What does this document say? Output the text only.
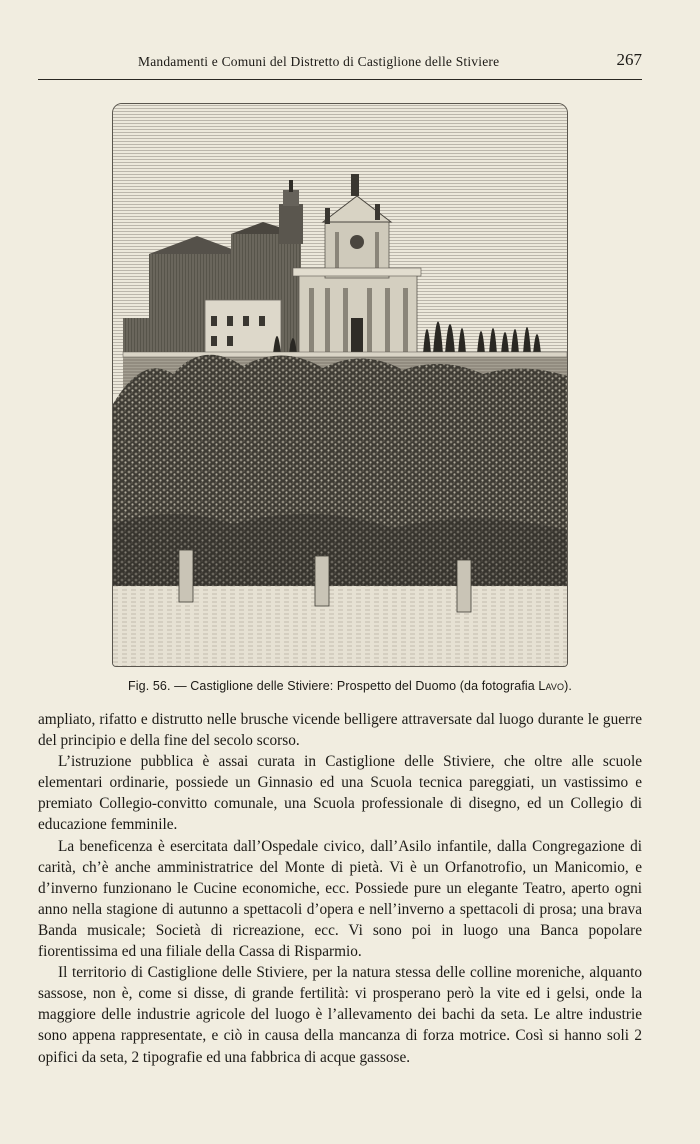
Mandamenti e Comuni del Distretto di Castiglione delle Stiviere	267
Fig. 56. — Castiglione delle Stiviere: Prospetto del Duomo (da fotografia Lavo).

ampliato, rifatto e distrutto nelle brusche vicende belligere attraversate dal luogo durante le guerre del principio e della fine del secolo scorso.

L’istruzione pubblica è assai curata in Castiglione delle Stiviere, che oltre alle scuole elementari ordinarie, possiede un Ginnasio ed una Scuola tecnica pareggiati, un vastissimo e premiato Collegio-convitto comunale, una Scuola professionale di disegno, ed un Collegio di educazione femminile.

La beneficenza è esercitata dall’Ospedale civico, dall’Asilo infantile, dalla Congregazione di carità, ch’è anche amministratrice del Monte di pietà. Vi è un Orfanotrofio, un Manicomio, e d’inverno funzionano le Cucine economiche, ecc. Possiede pure un elegante Teatro, aperto ogni anno nella stagione di autunno a spettacoli d’opera e nell’inverno a spettacoli di prosa; una brava Banda musicale; Società di ricreazione, ecc. Vi sono poi in luogo una Banca popolare fiorentissima ed una filiale della Cassa di Risparmio.

Il territorio di Castiglione delle Stiviere, per la natura stessa delle colline moreniche, alquanto sassose, non è, come si disse, di grande fertilità: vi prosperano però la vite ed i gelsi, onde la maggiore delle industrie agricole del luogo è l’allevamento dei bachi da seta. Le altre industrie sono appena rappresentate, e ciò in causa della mancanza di forza motrice. Così si hanno soli 2 opifici da seta, 2 tipografie ed una fabbrica di acque gassose.
